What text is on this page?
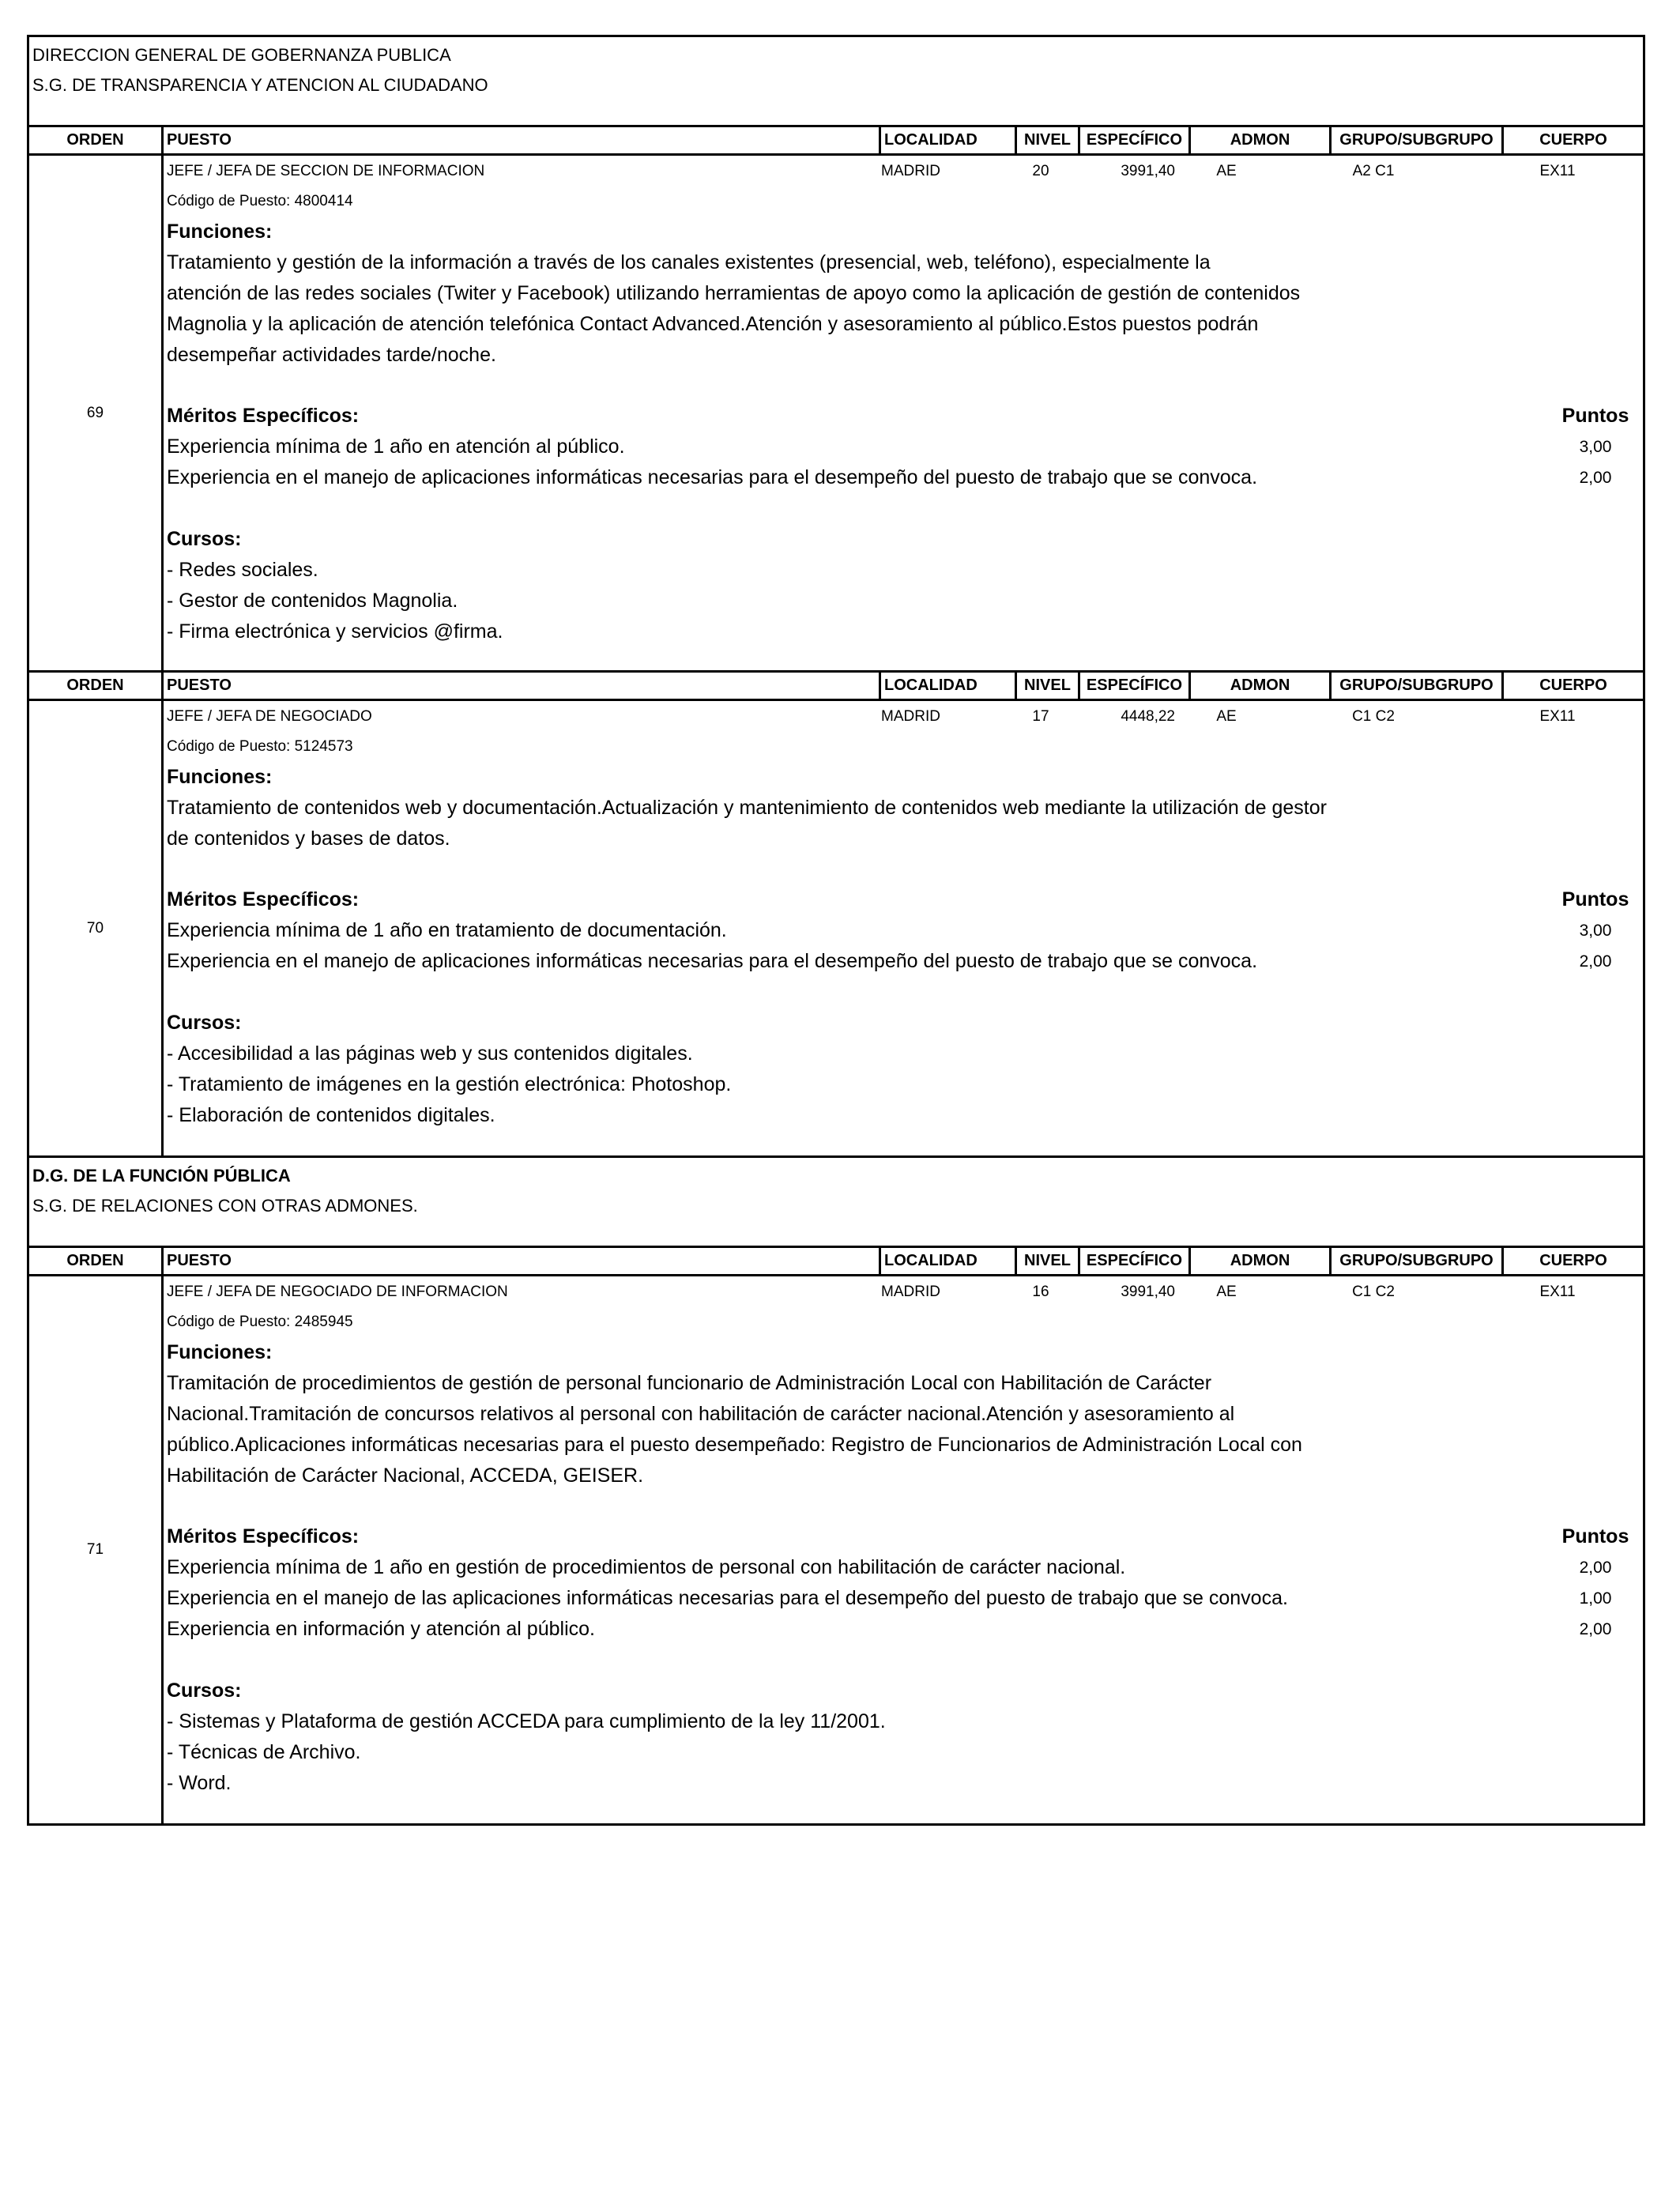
DIRECCION GENERAL DE GOBERNANZA PUBLICA
S.G. DE TRANSPARENCIA Y ATENCION AL CIUDADANO
ORDEN	PUESTO	LOCALIDAD	NIVEL ESPECÍFICO	ADMON	GRUPO/SUBGRUPO	CUERPO
69
JEFE / JEFA DE SECCION DE INFORMACION	MADRID	20	3991,40	AE	A2 C1	EX11
Código de Puesto: 4800414
Funciones:
Tratamiento y gestión de la información a través de los canales existentes (presencial, web, teléfono), especialmente la
atención de las redes sociales (Twiter y Facebook) utilizando herramientas de apoyo como la aplicación de gestión de contenidos
Magnolia y la aplicación de atención telefónica Contact Advanced.Atención y asesoramiento al público.Estos puestos podrán
desempeñar actividades tarde/noche.
Méritos Específicos:	Puntos
Experiencia mínima de 1 año en atención al público.	3,00
Experiencia en el manejo de aplicaciones informáticas necesarias para el desempeño del puesto de trabajo que se convoca.	2,00
Cursos:
- Redes sociales.
- Gestor de contenidos Magnolia.
- Firma electrónica y servicios @firma.
ORDEN	PUESTO	LOCALIDAD	NIVEL ESPECÍFICO	ADMON	GRUPO/SUBGRUPO	CUERPO
70
JEFE / JEFA DE NEGOCIADO	MADRID	17	4448,22	AE	C1 C2	EX11
Código de Puesto: 5124573
Funciones:
Tratamiento de contenidos web y documentación.Actualización y mantenimiento de contenidos web mediante la utilización de gestor
de contenidos y bases de datos.
Méritos Específicos:	Puntos
Experiencia mínima de 1 año en tratamiento de documentación.	3,00
Experiencia en el manejo de aplicaciones informáticas necesarias para el desempeño del puesto de trabajo que se convoca.	2,00
Cursos:
- Accesibilidad a las páginas web y sus contenidos digitales.
- Tratamiento de imágenes en la gestión electrónica: Photoshop.
- Elaboración de contenidos digitales.
D.G. DE LA FUNCIÓN PÚBLICA
S.G. DE RELACIONES CON OTRAS ADMONES.
ORDEN	PUESTO	LOCALIDAD	NIVEL ESPECÍFICO	ADMON	GRUPO/SUBGRUPO	CUERPO
71
JEFE / JEFA DE NEGOCIADO DE INFORMACION	MADRID	16	3991,40	AE	C1 C2	EX11
Código de Puesto: 2485945
Funciones:
Tramitación de procedimientos de gestión de personal funcionario de Administración Local con Habilitación de Carácter
Nacional.Tramitación de concursos relativos al personal con habilitación de carácter nacional.Atención y asesoramiento al
público.Aplicaciones informáticas necesarias para el puesto desempeñado: Registro de Funcionarios de Administración Local con
Habilitación de Carácter Nacional, ACCEDA, GEISER.
Méritos Específicos:	Puntos
Experiencia mínima de 1 año en gestión de procedimientos de personal con habilitación de carácter nacional.	2,00
Experiencia en el manejo de las aplicaciones informáticas necesarias para el desempeño del puesto de trabajo que se convoca.	1,00
Experiencia en información y atención al público.	2,00
Cursos:
- Sistemas y Plataforma de gestión ACCEDA para cumplimiento de la ley 11/2001.
- Técnicas de Archivo.
- Word.
